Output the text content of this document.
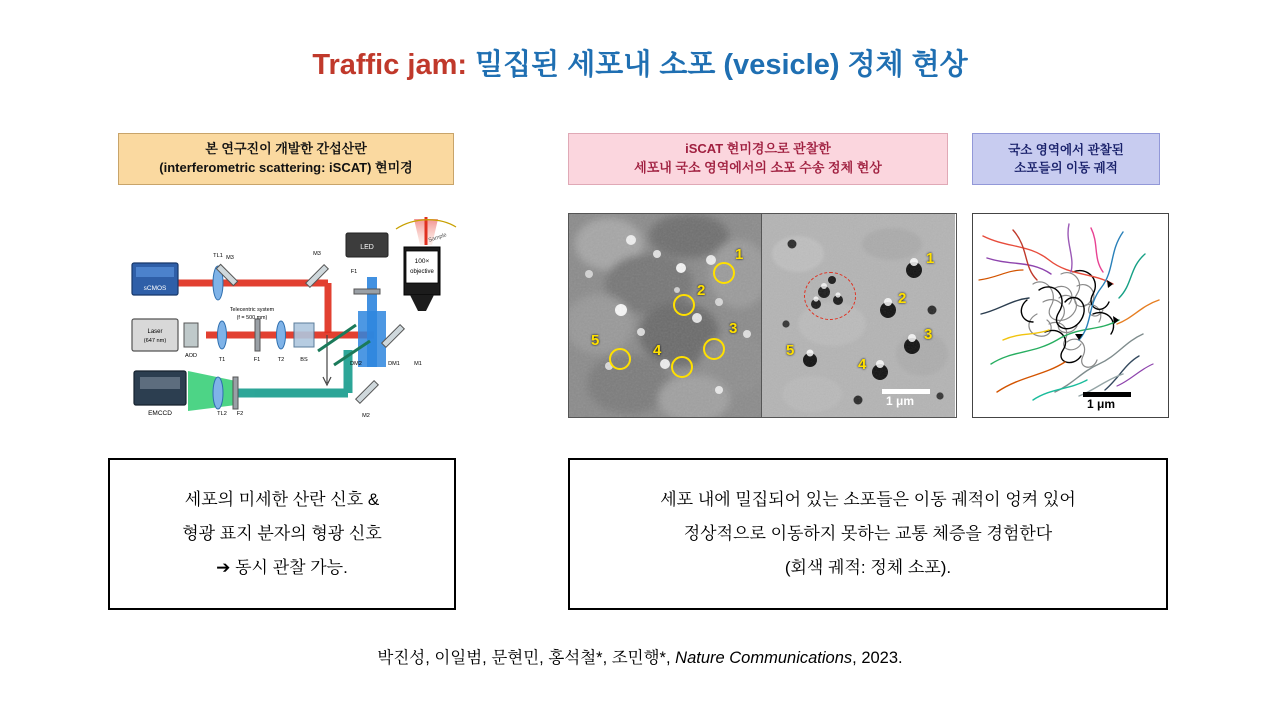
Traffic jam: 밀집된 세포내 소포 (vesicle) 정체 현상
본 연구진이 개발한 간섭산란
(interferometric scattering: iSCAT) 현미경
iSCAT 현미경으로 관찰한
세포내 국소 영역에서의 소포 수송 정체 현상
국소 영역에서 관찰된
소포들의 이동 궤적
sCMOS
Laser
(647 nm)
EMCCD
AOD
LED
100×
objective
Sample
TL1 M3
M3
TL2 F2
T1	T2	BS
F1
F1
DM2	DM1	M1
M2
Telecentric system
(f = 500 mm)
1
2
3
4
5
1
2
3
4
5
1 μm	1 μm
세포의 미세한 산란 신호 &
형광 표지 분자의 형광 신호
➔ 동시 관찰 가능.
세포 내에 밀집되어 있는 소포들은 이동 궤적이 엉켜 있어
정상적으로 이동하지 못하는 교통 체증을 경험한다
(회색 궤적: 정체 소포).
박진성, 이일범, 문현민, 홍석철*, 조민행*, Nature Communications, 2023.
